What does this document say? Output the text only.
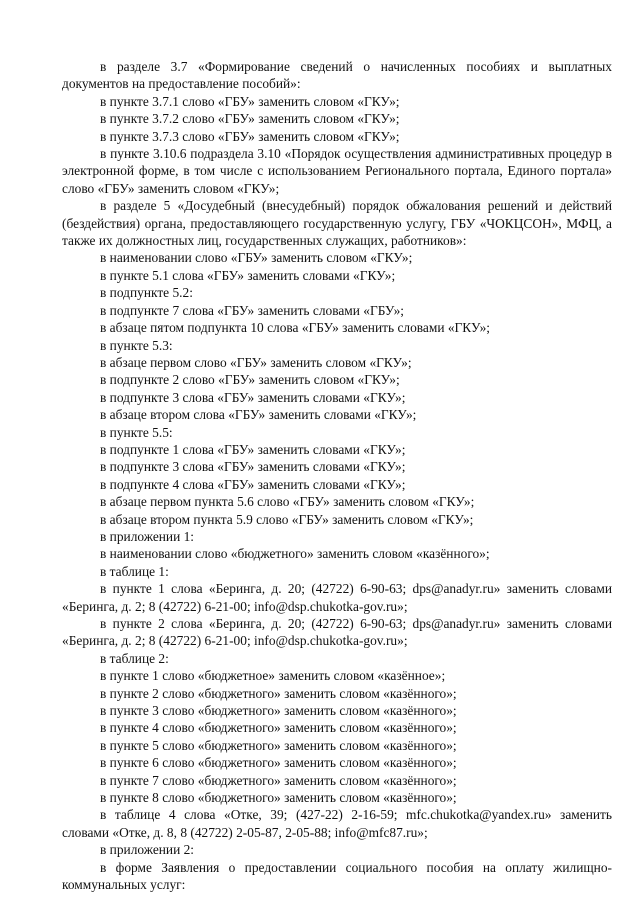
в разделе 3.7 «Формирование сведений о начисленных пособиях и выплатных документов на предоставление пособий»:

в пункте 3.7.1 слово «ГБУ» заменить словом «ГКУ»;

в пункте 3.7.2 слово «ГБУ» заменить словом «ГКУ»;

в пункте 3.7.3 слово «ГБУ» заменить словом «ГКУ»;

в пункте 3.10.6 подраздела 3.10 «Порядок осуществления административных процедур в электронной форме, в том числе с использованием Регионального портала, Единого портала» слово «ГБУ» заменить словом «ГКУ»;

в разделе 5 «Досудебный (внесудебный) порядок обжалования решений и действий (бездействия) органа, предоставляющего государственную услугу, ГБУ «ЧОКЦСОН», МФЦ, а также их должностных лиц, государственных служащих, работников»:

в наименовании слово «ГБУ» заменить словом «ГКУ»;

в пункте 5.1 слова «ГБУ» заменить словами «ГКУ»;

в подпункте 5.2:

в подпункте 7 слова «ГБУ» заменить словами «ГБУ»;

в абзаце пятом подпункта 10 слова «ГБУ» заменить словами «ГКУ»;

в пункте 5.3:

в абзаце первом слово «ГБУ» заменить словом «ГКУ»;

в подпункте 2 слово «ГБУ» заменить словом «ГКУ»;

в подпункте 3 слова «ГБУ» заменить словами «ГКУ»;

в абзаце втором слова «ГБУ» заменить словами «ГКУ»;

в пункте 5.5:

в подпункте 1 слова «ГБУ» заменить словами «ГКУ»;

в подпункте 3 слова «ГБУ» заменить словами «ГКУ»;

в подпункте 4 слова «ГБУ» заменить словами «ГКУ»;

в абзаце первом пункта 5.6 слово «ГБУ» заменить словом «ГКУ»;

в абзаце втором пункта 5.9 слово «ГБУ» заменить словом «ГКУ»;

в приложении 1:

в наименовании слово «бюджетного» заменить словом «казённого»;

в таблице 1:

в пункте 1 слова «Беринга, д. 20; (42722) 6-90-63; dps@anadyr.ru» заменить словами «Беринга, д. 2; 8 (42722) 6-21-00; info@dsp.chukotka-gov.ru»;

в пункте 2 слова «Беринга, д. 20; (42722) 6-90-63; dps@anadyr.ru» заменить словами «Беринга, д. 2; 8 (42722) 6-21-00; info@dsp.chukotka-gov.ru»;

в таблице 2:

в пункте 1 слово «бюджетное» заменить словом «казённое»;

в пункте 2 слово «бюджетного» заменить словом «казённого»;

в пункте 3 слово «бюджетного» заменить словом «казённого»;

в пункте 4 слово «бюджетного» заменить словом «казённого»;

в пункте 5 слово «бюджетного» заменить словом «казённого»;

в пункте 6 слово «бюджетного» заменить словом «казённого»;

в пункте 7 слово «бюджетного» заменить словом «казённого»;

в пункте 8 слово «бюджетного» заменить словом «казённого»;

в таблице 4 слова «Отке, 39; (427-22) 2-16-59; mfc.chukotka@yandex.ru» заменить словами «Отке, д. 8, 8 (42722) 2-05-87, 2-05-88; info@mfc87.ru»;

в приложении 2:

в форме Заявления о предоставлении социального пособия на оплату жилищно-коммунальных услуг:
